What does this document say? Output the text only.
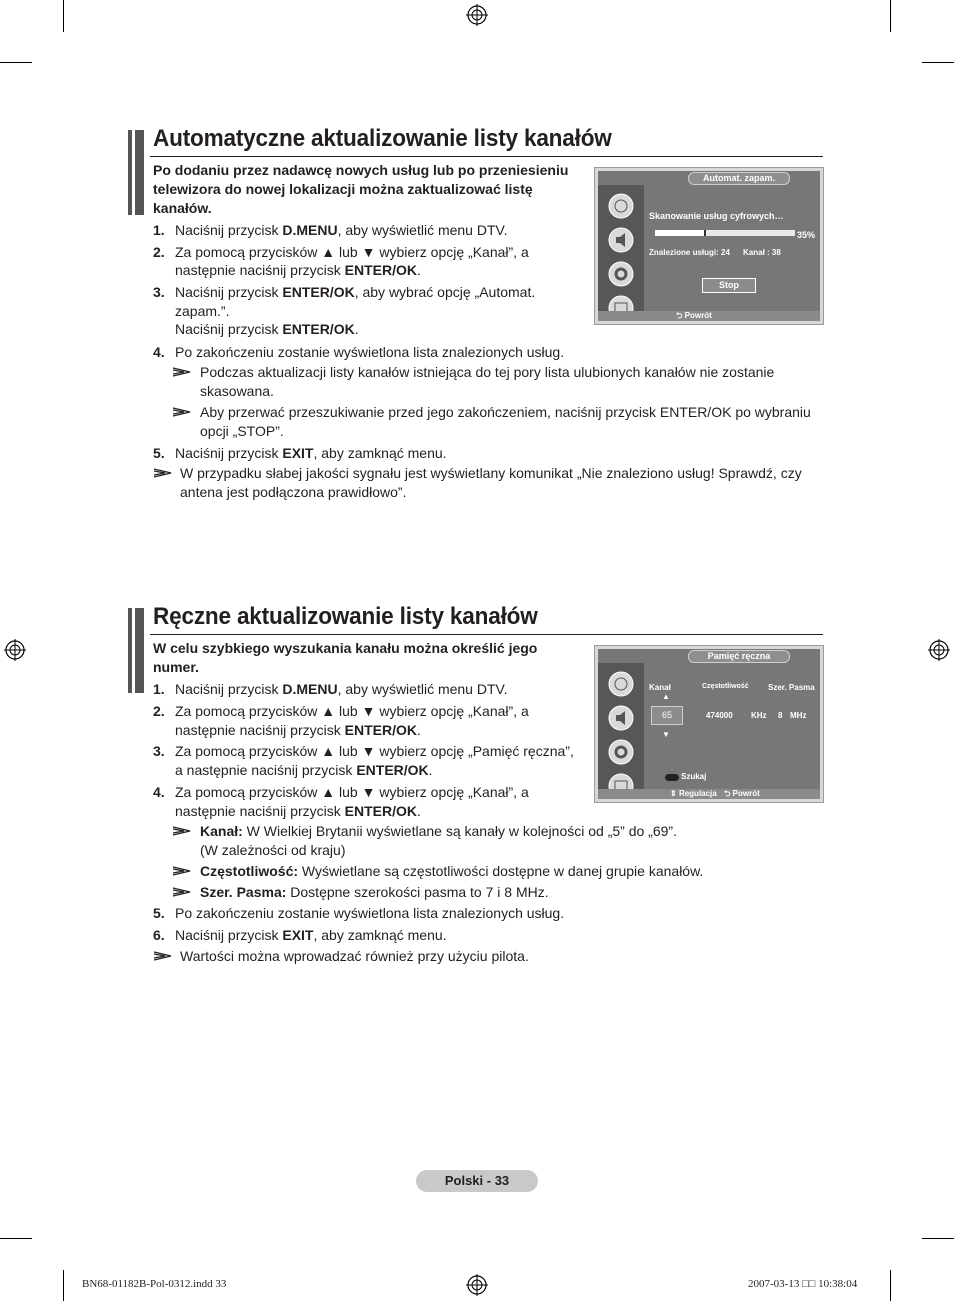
Automatyczne aktualizowanie listy kanałów
Po dodaniu przez nadawcę nowych usług lub po przeniesieniu
telewizora do nowej lokalizacji można zaktualizować listę
kanałów.
1. Naciśnij przycisk D.MENU, aby wyświetlić menu DTV.
2. Za pomocą przycisków ▲ lub ▼ wybierz opcję „Kanał”, a
następnie naciśnij przycisk ENTER/OK.
3. Naciśnij przycisk ENTER/OK, aby wybrać opcję „Automat.
zapam.”.
Naciśnij przycisk ENTER/OK.
4. Po zakończeniu zostanie wyświetlona lista znalezionych usług.
Podczas aktualizacji listy kanałów istniejąca do tej pory lista ulubionych kanałów nie zostanie
skasowana.
Aby przerwać przeszukiwanie przed jego zakończeniem, naciśnij przycisk ENTER/OK po wybraniu
opcji „STOP”.
5. Naciśnij przycisk EXIT, aby zamknąć menu.
W przypadku słabej jakości sygnału jest wyświetlany komunikat „Nie znaleziono usług! Sprawdź, czy
antena jest podłączona prawidłowo”.
Automat. zapam.
Skanowanie usług cyfrowych…
35%
Znalezione usługi: 24 Kanał : 38
Stop
⮌ Powrót
Ręczne aktualizowanie listy kanałów
W celu szybkiego wyszukania kanału można określić jego
numer.
1. Naciśnij przycisk D.MENU, aby wyświetlić menu DTV.
2. Za pomocą przycisków ▲ lub ▼ wybierz opcję „Kanał”, a
następnie naciśnij przycisk ENTER/OK.
3. Za pomocą przycisków ▲ lub ▼ wybierz opcję „Pamięć ręczna”,
a następnie naciśnij przycisk ENTER/OK.
4. Za pomocą przycisków ▲ lub ▼ wybierz opcję „Kanał”, a
następnie naciśnij przycisk ENTER/OK.
Kanał: W Wielkiej Brytanii wyświetlane są kanały w kolejności od „5” do „69”.
(W zależności od kraju)
Częstotliwość: Wyświetlane są częstotliwości dostępne w danej grupie kanałów.
Szer. Pasma: Dostępne szerokości pasma to 7 i 8 MHz.
5. Po zakończeniu zostanie wyświetlona lista znalezionych usług.
6. Naciśnij przycisk EXIT, aby zamknąć menu.
Wartości można wprowadzać również przy użyciu pilota.
Pamięć ręczna
Kanał	Częstotliwość Szer. Pasma
▲
65
▼
474000 KHz 8 MHz
Szukaj
⇕ Regulacja ⮌ Powrót
Polski - 33
BN68-01182B-Pol-0312.indd 33	2007-03-13 □□ 10:38:04
